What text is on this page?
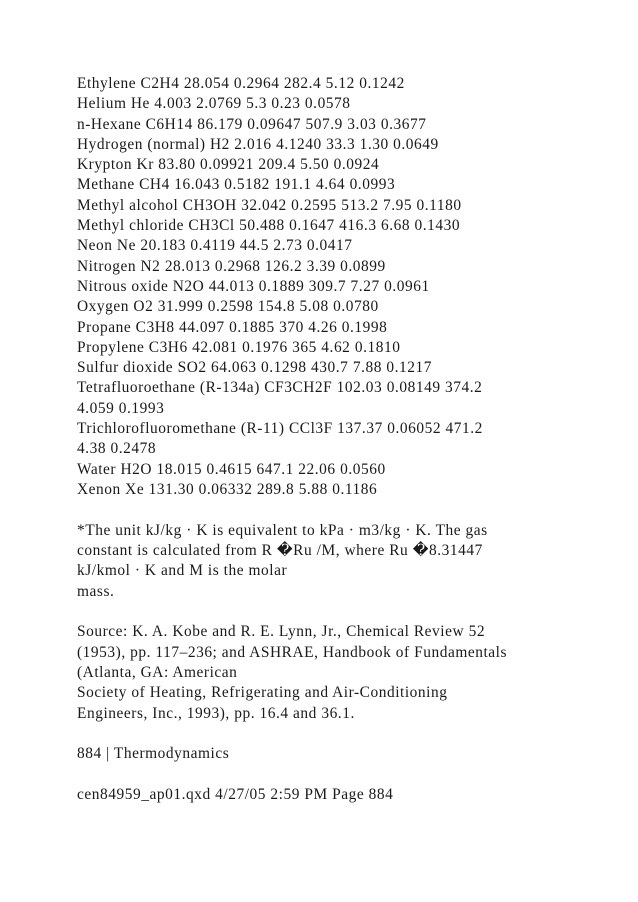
Ethylene C2H4 28.054 0.2964 282.4 5.12 0.1242
Helium He 4.003 2.0769 5.3 0.23 0.0578
n-Hexane C6H14 86.179 0.09647 507.9 3.03 0.3677
Hydrogen (normal) H2 2.016 4.1240 33.3 1.30 0.0649
Krypton Kr 83.80 0.09921 209.4 5.50 0.0924
Methane CH4 16.043 0.5182 191.1 4.64 0.0993
Methyl alcohol CH3OH 32.042 0.2595 513.2 7.95 0.1180
Methyl chloride CH3Cl 50.488 0.1647 416.3 6.68 0.1430
Neon Ne 20.183 0.4119 44.5 2.73 0.0417
Nitrogen N2 28.013 0.2968 126.2 3.39 0.0899
Nitrous oxide N2O 44.013 0.1889 309.7 7.27 0.0961
Oxygen O2 31.999 0.2598 154.8 5.08 0.0780
Propane C3H8 44.097 0.1885 370 4.26 0.1998
Propylene C3H6 42.081 0.1976 365 4.62 0.1810
Sulfur dioxide SO2 64.063 0.1298 430.7 7.88 0.1217
Tetrafluoroethane (R-134a) CF3CH2F 102.03 0.08149 374.2
4.059 0.1993
Trichlorofluoromethane (R-11) CCl3F 137.37 0.06052 471.2
4.38 0.2478
Water H2O 18.015 0.4615 647.1 22.06 0.0560
Xenon Xe 131.30 0.06332 289.8 5.88 0.1186
*The unit kJ/kg · K is equivalent to kPa · m3/kg · K. The gas
constant is calculated from R �Ru /M, where Ru �8.31447
kJ/kmol · K and M is the molar
mass.
Source: K. A. Kobe and R. E. Lynn, Jr., Chemical Review 52
(1953), pp. 117–236; and ASHRAE, Handbook of Fundamentals
(Atlanta, GA: American
Society of Heating, Refrigerating and Air-Conditioning
Engineers, Inc., 1993), pp. 16.4 and 36.1.
884 | Thermodynamics
cen84959_ap01.qxd 4/27/05 2:59 PM Page 884
